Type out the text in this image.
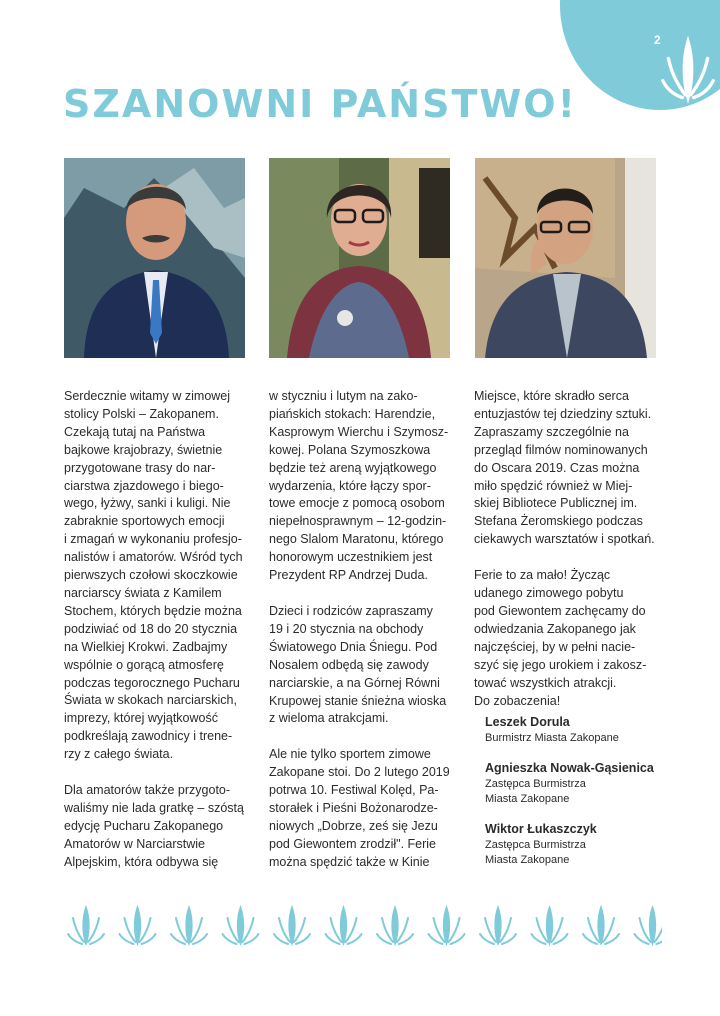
2
SZANOWNI PAŃSTWO!

Serdecznie witamy w zimowej
stolicy Polski – Zakopanem.
Czekają tutaj na Państwa
bajkowe krajobrazy, świetnie
przygotowane trasy do nar-
ciarstwa zjazdowego i biego-
wego, łyżwy, sanki i kuligi. Nie
zabraknie sportowych emocji
i zmagań w wykonaniu profesjo-
nalistów i amatorów. Wśród tych
pierwszych czołowi skoczkowie
narciarscy świata z Kamilem
Stochem, których będzie można
podziwiać od 18 do 20 stycznia
na Wielkiej Krokwi. Zadbajmy
wspólnie o gorącą atmosferę
podczas tegorocznego Pucharu
Świata w skokach narciarskich,
imprezy, której wyjątkowość
podkreślają zawodnicy i trene-
rzy z całego świata.

Dla amatorów także przygoto-
waliśmy nie lada gratkę – szóstą
edycję Pucharu Zakopanego
Amatorów w Narciarstwie
Alpejskim, która odbywa się

w styczniu i lutym na zako-
piańskich stokach: Harendzie,
Kasprowym Wierchu i Szymosz-
kowej. Polana Szymoszkowa
będzie też areną wyjątkowego
wydarzenia, które łączy spor-
towe emocje z pomocą osobom
niepełnosprawnym – 12-godzin-
nego Slalom Maratonu, którego
honorowym uczestnikiem jest
Prezydent RP Andrzej Duda.

Dzieci i rodziców zapraszamy
19 i 20 stycznia na obchody
Światowego Dnia Śniegu. Pod
Nosalem odbędą się zawody
narciarskie, a na Górnej Równi
Krupowej stanie śnieżna wioska
z wieloma atrakcjami.

Ale nie tylko sportem zimowe
Zakopane stoi. Do 2 lutego 2019
potrwa 10. Festiwal Kolęd, Pa-
storałek i Pieśni Bożonarodze-
niowych „Dobrze, ześ się Jezu
pod Giewontem zrodził". Ferie
można spędzić także w Kinie

Miejsce, które skradło serca
entuzjastów tej dziedziny sztuki.
Zapraszamy szczególnie na
przegląd filmów nominowanych
do Oscara 2019. Czas można
miło spędzić również w Miej-
skiej Bibliotece Publicznej im.
Stefana Żeromskiego podczas
ciekawych warsztatów i spotkań.

Ferie to za mało! Życząc
udanego zimowego pobytu
pod Giewontem zachęcamy do
odwiedzania Zakopanego jak
najczęściej, by w pełni nacie-
szyć się jego urokiem i zakosz-
tować wszystkich atrakcji.
Do zobaczenia!

Leszek Dorula
Burmistrz Miasta Zakopane
Agnieszka Nowak-Gąsienica
Zastępca Burmistrza
Miasta Zakopane
Wiktor Łukaszczyk
Zastępca Burmistrza
Miasta Zakopane
